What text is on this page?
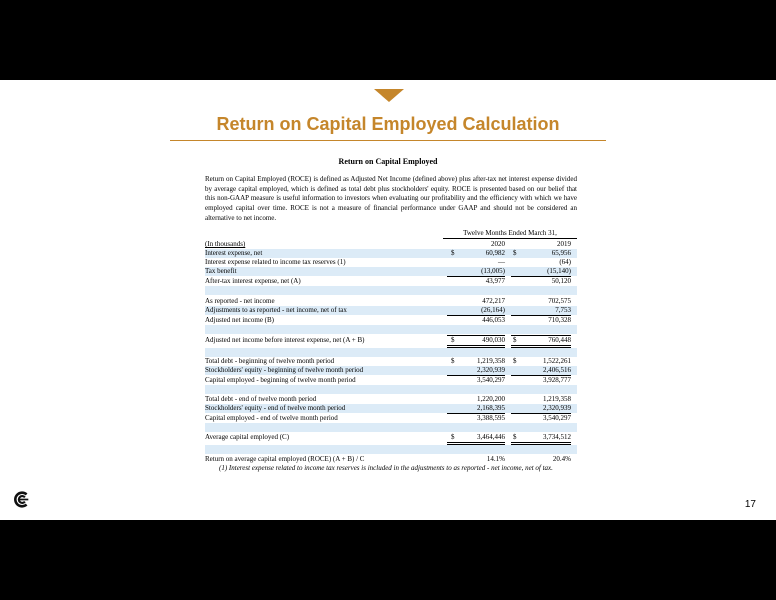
Return on Capital Employed Calculation
Return on Capital Employed
Return on Capital Employed (ROCE) is defined as Adjusted Net Income (defined above) plus after-tax net interest expense divided by average capital employed, which is defined as total debt plus stockholders' equity. ROCE is presented based on our belief that this non-GAAP measure is useful information to investors when evaluating our profitability and the efficiency with which we have employed capital over time. ROCE is not a measure of financial performance under GAAP and should not be considered an alternative to net income.
Twelve Months Ended March 31,
(In thousands)	2020	2019
Interest expense, net	$	60,982 $	65,956
Interest expense related to income tax reserves (1)	—	(64)
Tax benefit	(13,005)	(15,140)
After-tax interest expense, net (A)	43,977	50,120
As reported - net income	472,217	702,575
Adjustments to as reported - net income, net of tax	(26,164)	7,753
Adjusted net income (B)	446,053	710,328
Adjusted net income before interest expense, net (A + B)	$	490,030 $	760,448
Total debt - beginning of twelve month period	$	1,219,358 $	1,522,261
Stockholders' equity - beginning of twelve month period	2,320,939	2,406,516
Capital employed - beginning of twelve month period	3,540,297	3,928,777
Total debt - end of twelve month period	1,220,200	1,219,358
Stockholders' equity - end of twelve month period	2,168,395	2,320,939
Capital employed - end of twelve month period	3,388,595	3,540,297
Average capital employed (C)	$	3,464,446 $	3,734,512
Return on average capital employed (ROCE) (A + B) / C	14.1%	20.4%
(1) Interest expense related to income tax reserves is included in the adjustments to as reported - net income, net of tax.
17
